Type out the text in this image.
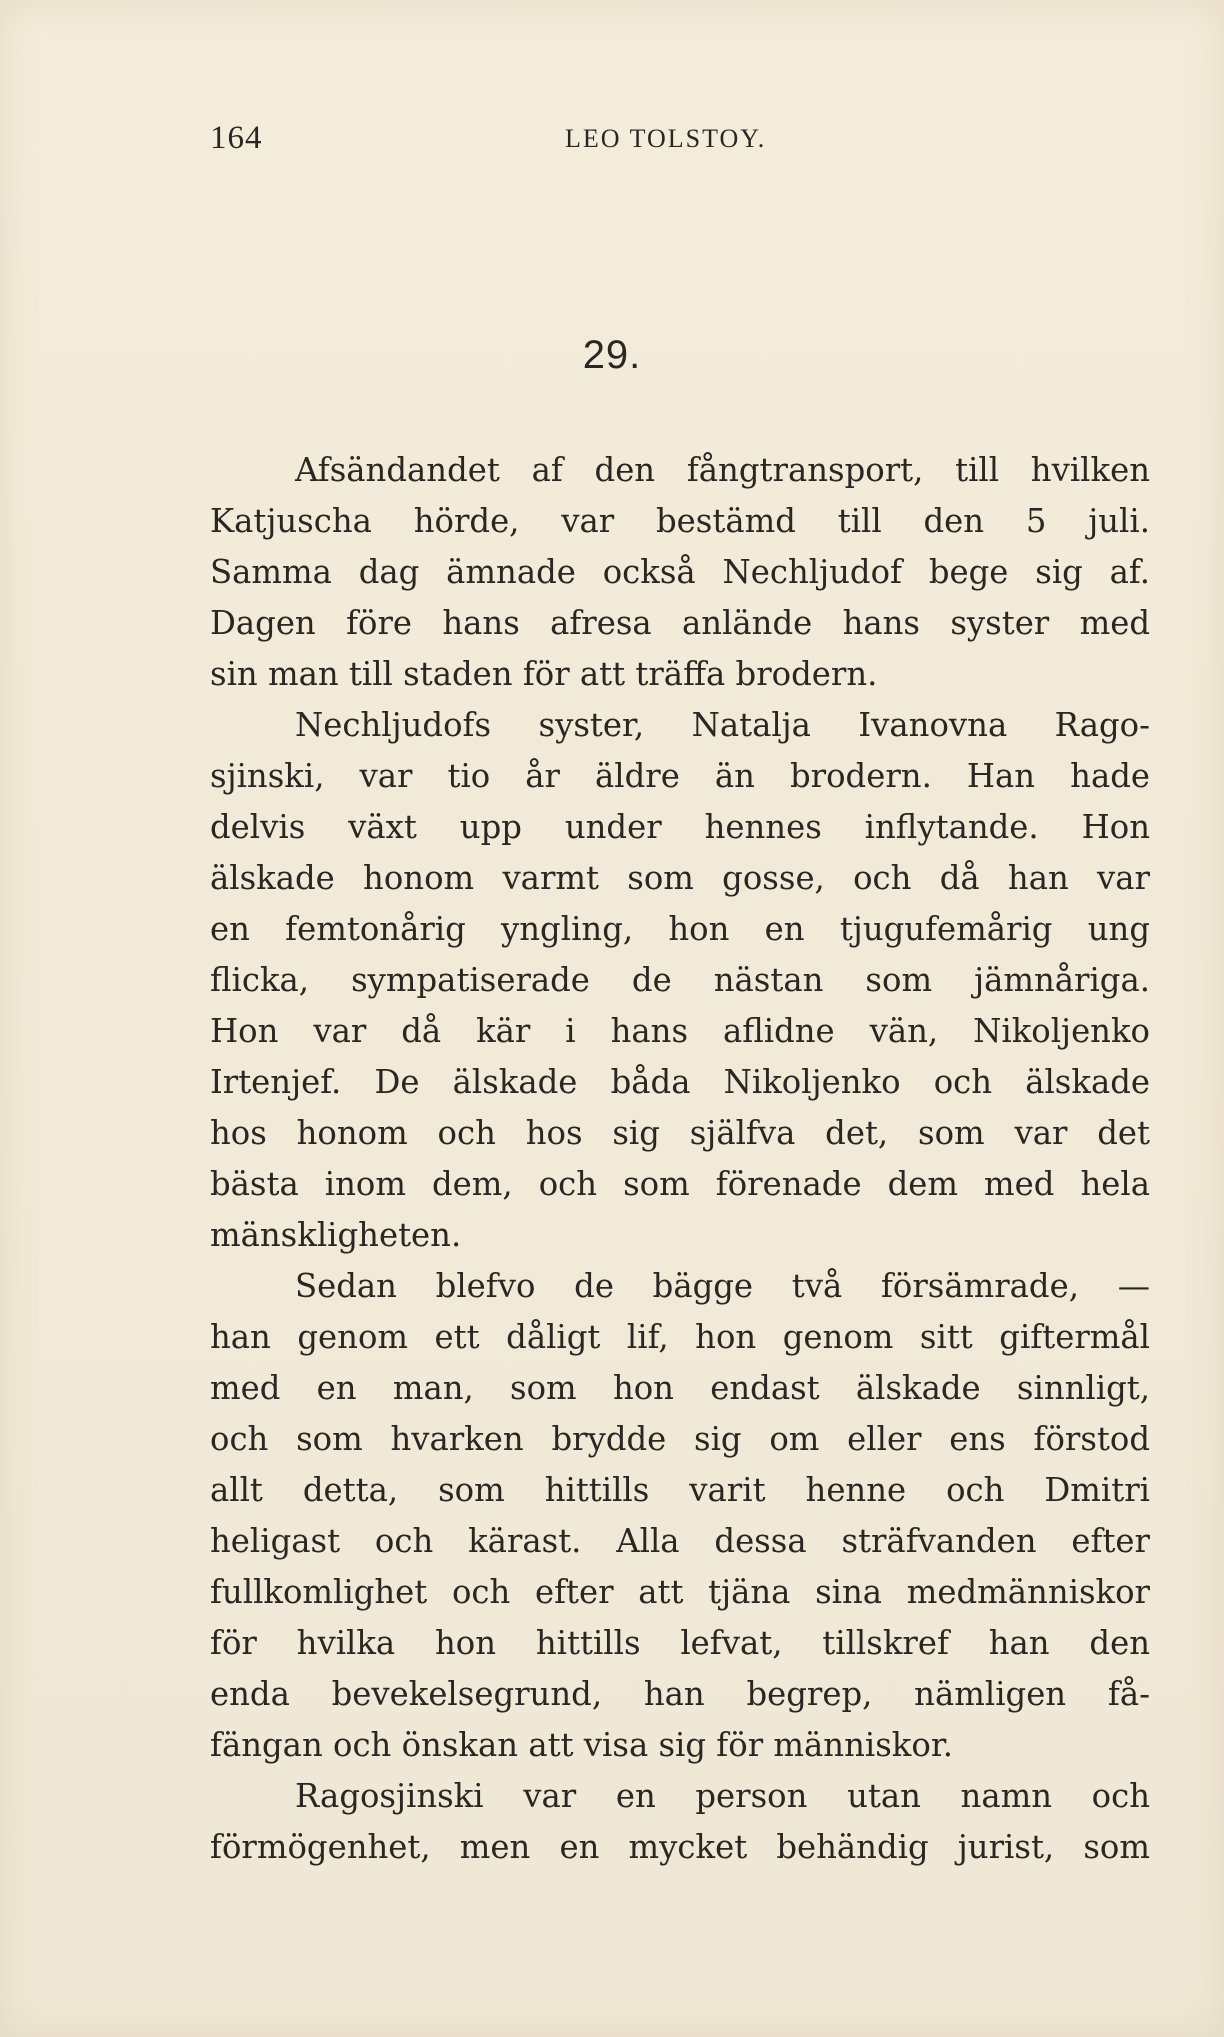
164	LEO TOLSTOY.
29.

Afsändandet af den fångtransport, till hvilken
Katjuscha hörde, var bestämd till den 5 juli.
Samma dag ämnade också Nechljudof bege sig af.
Dagen före hans afresa anlände hans syster med
sin man till staden för att träffa brodern.

Nechljudofs syster, Natalja Ivanovna Rago-
sjinski, var tio år äldre än brodern. Han hade
delvis växt upp under hennes inflytande. Hon
älskade honom varmt som gosse, och då han var
en femtonårig yngling, hon en tjugufemårig ung
flicka, sympatiserade de nästan som jämnåriga.
Hon var då kär i hans aflidne vän, Nikoljenko
Irtenjef. De älskade båda Nikoljenko och älskade
hos honom och hos sig själfva det, som var det
bästa inom dem, och som förenade dem med hela
mänskligheten.

Sedan blefvo de bägge två försämrade, —
han genom ett dåligt lif, hon genom sitt giftermål
med en man, som hon endast älskade sinnligt,
och som hvarken brydde sig om eller ens förstod
allt detta, som hittills varit henne och Dmitri
heligast och kärast. Alla dessa sträfvanden efter
fullkomlighet och efter att tjäna sina medmänniskor
för hvilka hon hittills lefvat, tillskref han den
enda bevekelsegrund, han begrep, nämligen få-
fängan och önskan att visa sig för människor.

Ragosjinski var en person utan namn och
förmögenhet, men en mycket behändig jurist, som
